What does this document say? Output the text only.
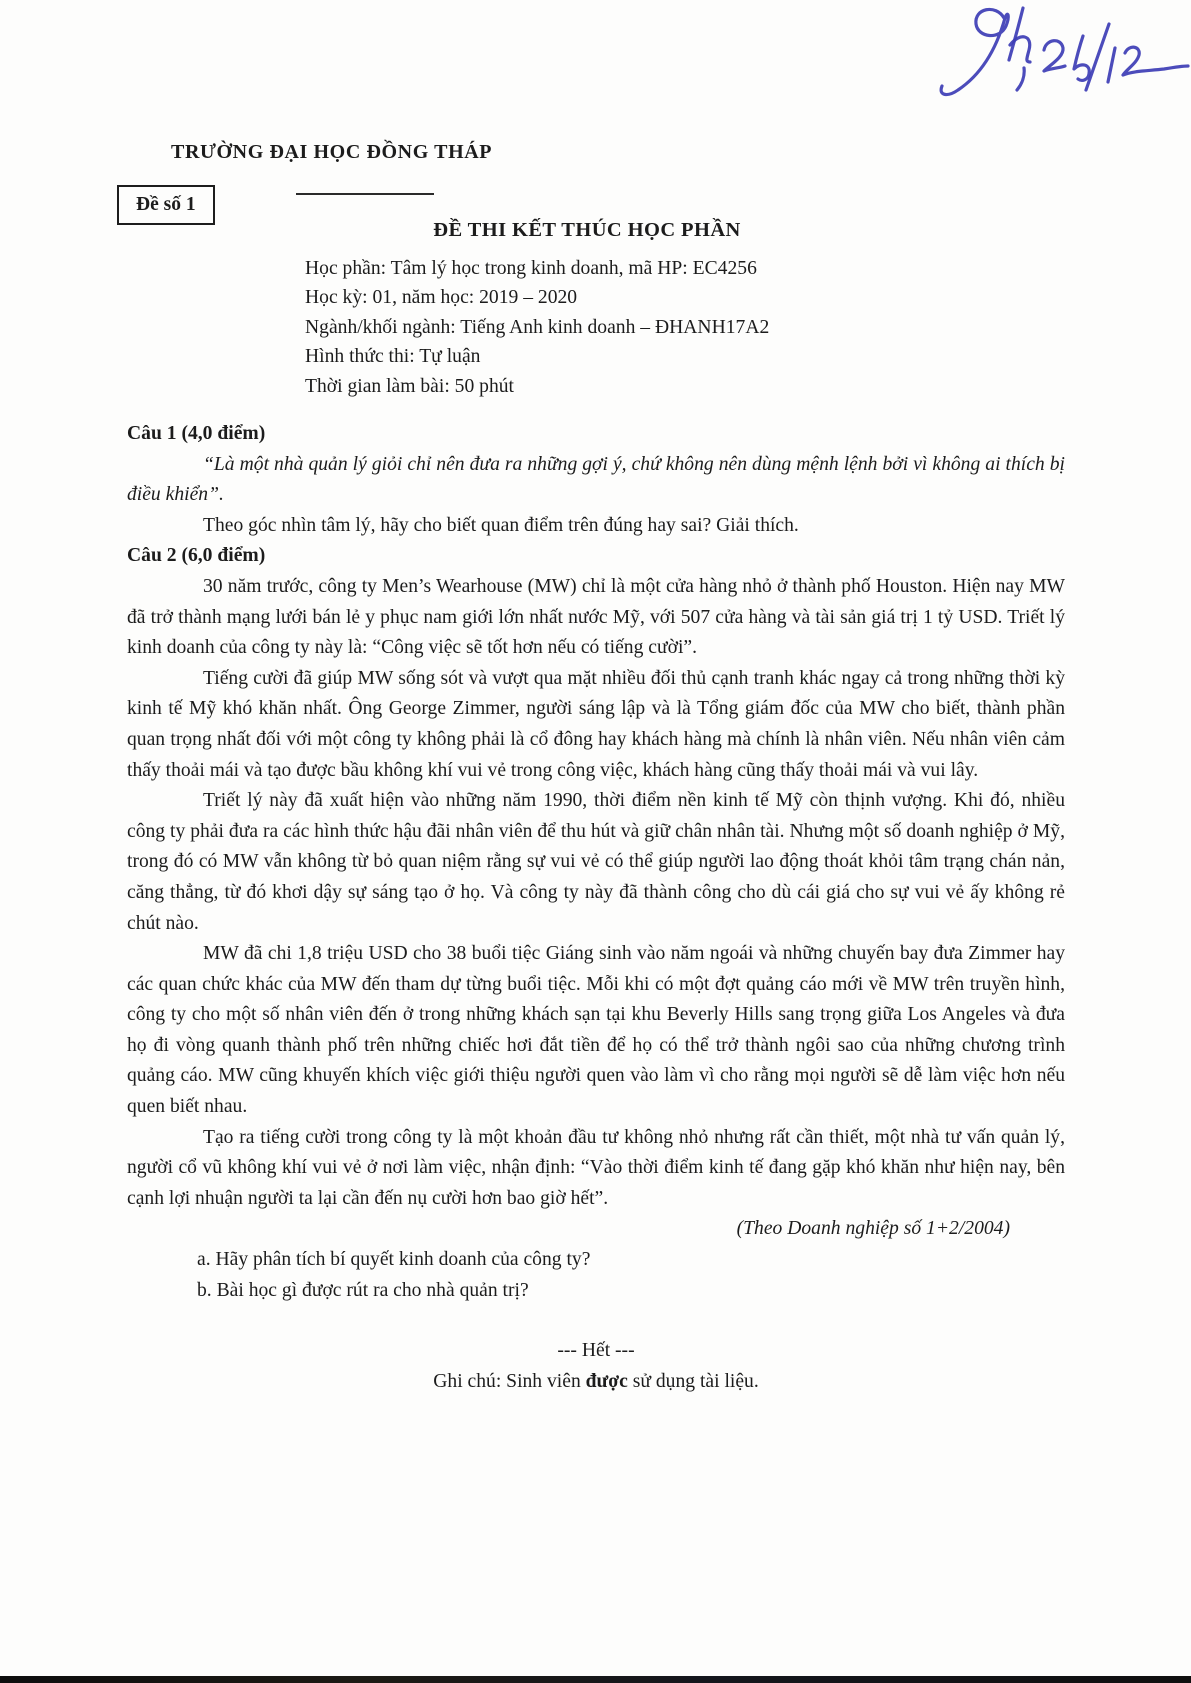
TRƯỜNG ĐẠI HỌC ĐỒNG THÁP
Đề số 1
ĐỀ THI KẾT THÚC HỌC PHẦN
Học phần: Tâm lý học trong kinh doanh, mã HP: EC4256
Học kỳ: 01, năm học: 2019 – 2020
Ngành/khối ngành: Tiếng Anh kinh doanh – ĐHANH17A2
Hình thức thi: Tự luận
Thời gian làm bài: 50 phút
Câu 1 (4,0 điểm)

“Là một nhà quản lý giỏi chỉ nên đưa ra những gợi ý, chứ không nên dùng mệnh lệnh bởi vì không ai thích bị điều khiển”.

Theo góc nhìn tâm lý, hãy cho biết quan điểm trên đúng hay sai? Giải thích.

Câu 2 (6,0 điểm)

30 năm trước, công ty Men’s Wearhouse (MW) chỉ là một cửa hàng nhỏ ở thành phố Houston. Hiện nay MW đã trở thành mạng lưới bán lẻ y phục nam giới lớn nhất nước Mỹ, với 507 cửa hàng và tài sản giá trị 1 tỷ USD. Triết lý kinh doanh của công ty này là: “Công việc sẽ tốt hơn nếu có tiếng cười”.

Tiếng cười đã giúp MW sống sót và vượt qua mặt nhiều đối thủ cạnh tranh khác ngay cả trong những thời kỳ kinh tế Mỹ khó khăn nhất. Ông George Zimmer, người sáng lập và là Tổng giám đốc của MW cho biết, thành phần quan trọng nhất đối với một công ty không phải là cổ đông hay khách hàng mà chính là nhân viên. Nếu nhân viên cảm thấy thoải mái và tạo được bầu không khí vui vẻ trong công việc, khách hàng cũng thấy thoải mái và vui lây.

Triết lý này đã xuất hiện vào những năm 1990, thời điểm nền kinh tế Mỹ còn thịnh vượng. Khi đó, nhiều công ty phải đưa ra các hình thức hậu đãi nhân viên để thu hút và giữ chân nhân tài. Nhưng một số doanh nghiệp ở Mỹ, trong đó có MW vẫn không từ bỏ quan niệm rằng sự vui vẻ có thể giúp người lao động thoát khỏi tâm trạng chán nản, căng thẳng, từ đó khơi dậy sự sáng tạo ở họ. Và công ty này đã thành công cho dù cái giá cho sự vui vẻ ấy không rẻ chút nào.

MW đã chi 1,8 triệu USD cho 38 buổi tiệc Giáng sinh vào năm ngoái và những chuyến bay đưa Zimmer hay các quan chức khác của MW đến tham dự từng buổi tiệc. Mỗi khi có một đợt quảng cáo mới về MW trên truyền hình, công ty cho một số nhân viên đến ở trong những khách sạn tại khu Beverly Hills sang trọng giữa Los Angeles và đưa họ đi vòng quanh thành phố trên những chiếc hơi đắt tiền để họ có thể trở thành ngôi sao của những chương trình quảng cáo. MW cũng khuyến khích việc giới thiệu người quen vào làm vì cho rằng mọi người sẽ dễ làm việc hơn nếu quen biết nhau.

Tạo ra tiếng cười trong công ty là một khoản đầu tư không nhỏ nhưng rất cần thiết, một nhà tư vấn quản lý, người cổ vũ không khí vui vẻ ở nơi làm việc, nhận định: “Vào thời điểm kinh tế đang gặp khó khăn như hiện nay, bên cạnh lợi nhuận người ta lại cần đến nụ cười hơn bao giờ hết”.

(Theo Doanh nghiệp số 1+2/2004)
a. Hãy phân tích bí quyết kinh doanh của công ty?
b. Bài học gì được rút ra cho nhà quản trị?
--- Hết ---
Ghi chú: Sinh viên được sử dụng tài liệu.
